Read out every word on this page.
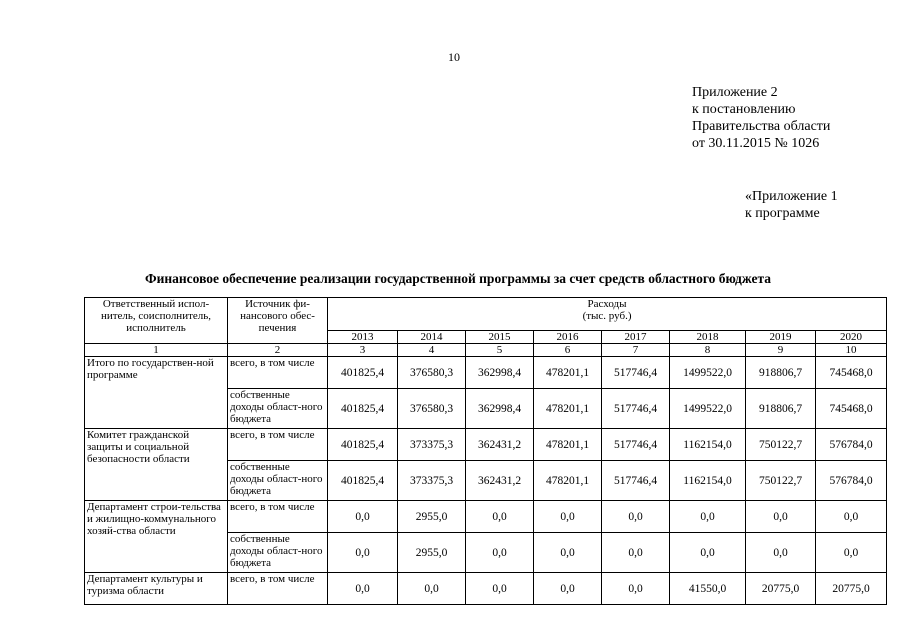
10
Приложение 2
к постановлению
Правительства области
от 30.11.2015 № 1026
«Приложение 1
к программе
Финансовое обеспечение реализации государственной программы за счет средств областного бюджета
Ответственный испол-нитель, соисполнитель, исполнитель	Источник фи-нансового обес-печения	Расходы
(тыс. руб.)							

		2013	2014	2015	2016	2017	2018	2019	2020
1	2	3	4	5	6	7	8	9	10
Итого по государствен-ной программе	всего, в том числе	401825,4	376580,3	362998,4	478201,1	517746,4	1499522,0	918806,7	745468,0
	собственные доходы област-ного бюджета	401825,4	376580,3	362998,4	478201,1	517746,4	1499522,0	918806,7	745468,0
Комитет гражданской защиты и социальной безопасности области	всего, в том числе	401825,4	373375,3	362431,2	478201,1	517746,4	1162154,0	750122,7	576784,0
	собственные доходы област-ного бюджета	401825,4	373375,3	362431,2	478201,1	517746,4	1162154,0	750122,7	576784,0
Департамент строи-тельства и жилищно-коммунального хозяй-ства области	всего, в том числе	0,0	2955,0	0,0	0,0	0,0	0,0	0,0	0,0
	собственные доходы област-ного бюджета	0,0	2955,0	0,0	0,0	0,0	0,0	0,0	0,0
Департамент культуры и туризма области	всего, в том числе	0,0	0,0	0,0	0,0	0,0	41550,0	20775,0	20775,0
